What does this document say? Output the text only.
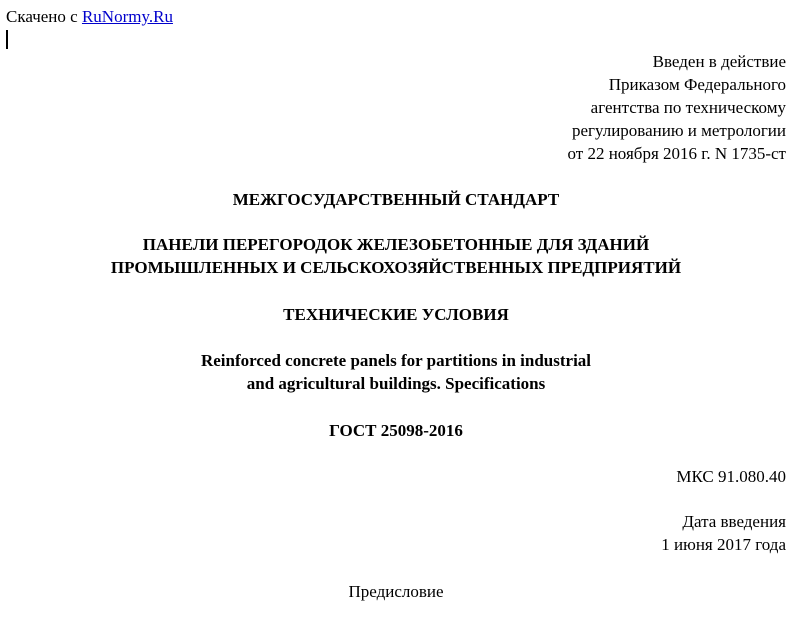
Скачено с RuNormy.Ru
Введен в действие
Приказом Федерального
агентства по техническому
регулированию и метрологии
от 22 ноября 2016 г. N 1735-ст
МЕЖГОСУДАРСТВЕННЫЙ СТАНДАРТ
ПАНЕЛИ ПЕРЕГОРОДОК ЖЕЛЕЗОБЕТОННЫЕ ДЛЯ ЗДАНИЙ
ПРОМЫШЛЕННЫХ И СЕЛЬСКОХОЗЯЙСТВЕННЫХ ПРЕДПРИЯТИЙ
ТЕХНИЧЕСКИЕ УСЛОВИЯ
Reinforced concrete panels for partitions in industrial
and agricultural buildings. Specifications
ГОСТ 25098-2016
МКС 91.080.40
Дата введения
1 июня 2017 года
Предисловие
